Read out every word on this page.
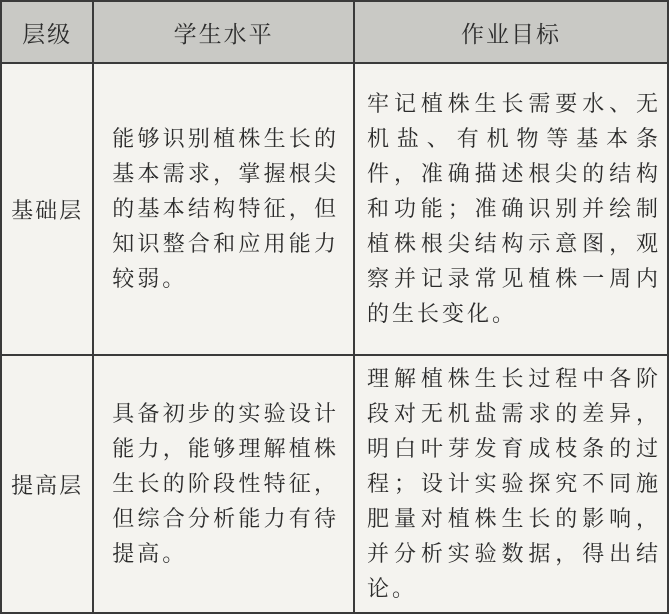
层级	学生水平	作业目标
基础层	能够识别植株生长的基本需求，掌握根尖的基本结构特征，但知识整合和应用能力较弱。	牢记植株生长需要水、无机盐、有机物等基本条件，准确描述根尖的结构和功能；准确识别并绘制植株根尖结构示意图，观察并记录常见植株一周内的生长变化。

提高层	具备初步的实验设计能力，能够理解植株生长的阶段性特征，但综合分析能力有待提高。	理解植株生长过程中各阶段对无机盐需求的差异，明白叶芽发育成枝条的过程；设计实验探究不同施肥量对植株生长的影响，并分析实验数据，得出结论。
